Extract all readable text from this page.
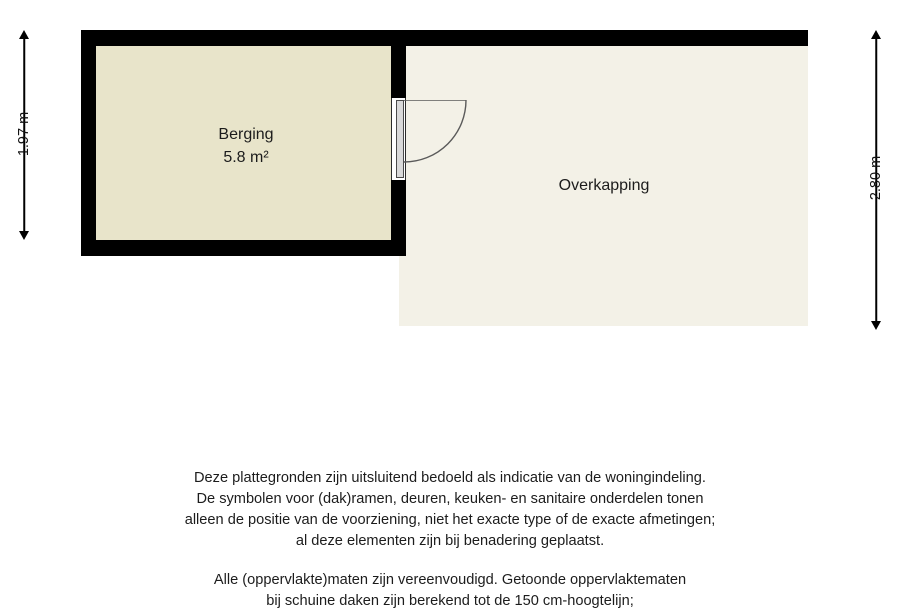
Berging
5.8 m²
Overkapping
1.97 m
2.80 m

Deze plattegronden zijn uitsluitend bedoeld als indicatie van de woningindeling.

De symbolen voor (dak)ramen, deuren, keuken- en sanitaire onderdelen tonen

alleen de positie van de voorziening, niet het exacte type of de exacte afmetingen;

al deze elementen zijn bij benadering geplaatst.

Alle (oppervlakte)maten zijn vereenvoudigd. Getoonde oppervlaktematen

bij schuine daken zijn berekend tot de 150 cm-hoogtelijn;
